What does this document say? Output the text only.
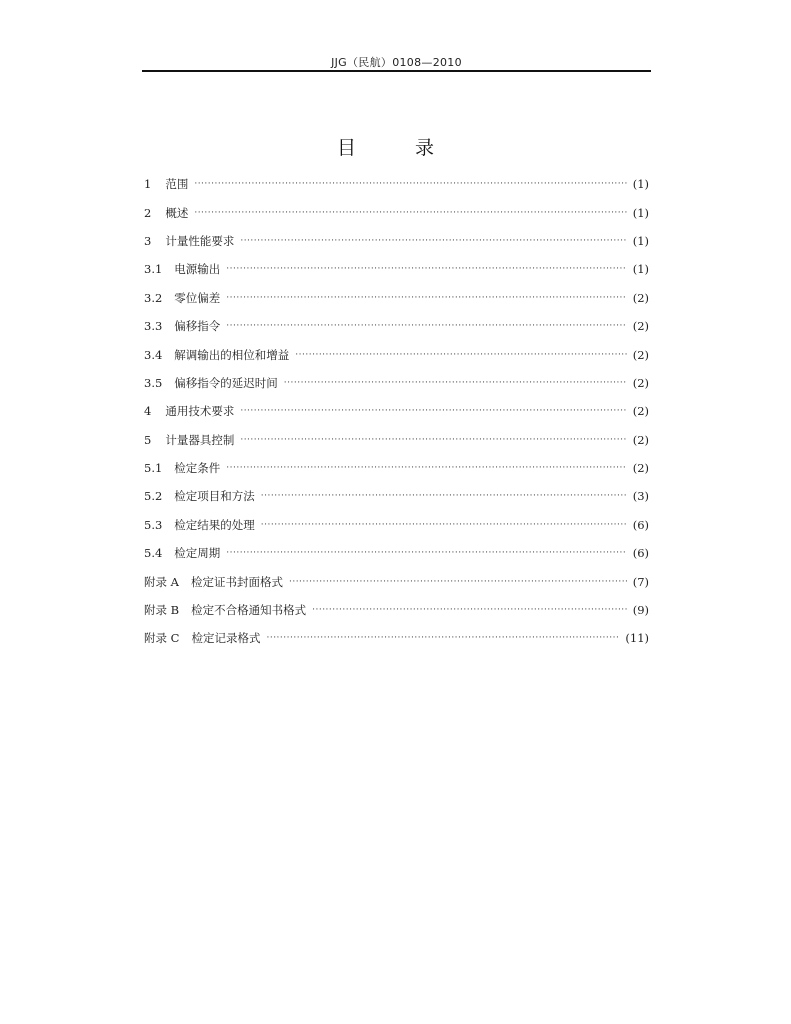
JJG（民航）0108—2010
目　录
1 范围 ·····	(1)
2 概述 ·····	(1)
3 计量性能要求 ·····	(1)
3.1 电源输出 ·····	(1)
3.2 零位偏差 ·····	(2)
3.3 偏移指令 ·····	(2)
3.4 解调输出的相位和增益 ·····	(2)
3.5 偏移指令的延迟时间 ·····	(2)
4 通用技术要求 ·····	(2)
5 计量器具控制 ·····	(2)
5.1 检定条件 ·····	(2)
5.2 检定项目和方法 ·····	(3)
5.3 检定结果的处理 ·····	(6)
5.4 检定周期 ·····	(6)
附录 A 检定证书封面格式 ·····	(7)
附录 B 检定不合格通知书格式 ·····	(9)
附录 C 检定记录格式 ·····	(11)
